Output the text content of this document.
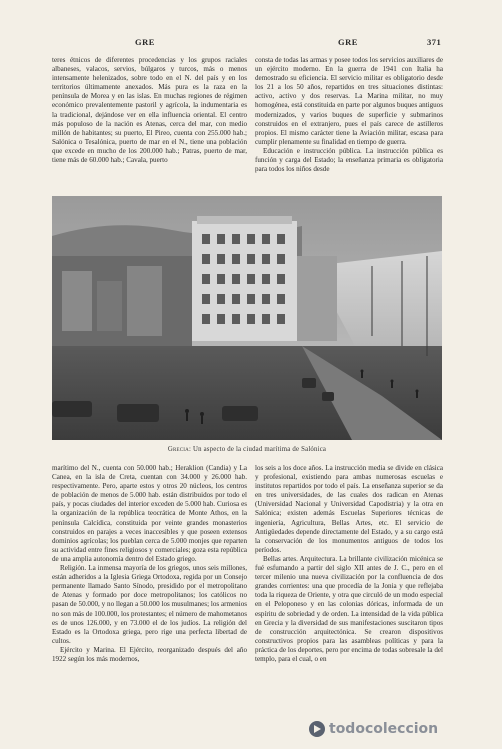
GRE	GRE	371

teres étnicos de diferentes procedencias y los grupos raciales albaneses, valacos, servios, búlgaros y turcos, más o menos intensamente helenizados, sobre todo en el N. del país y en los territorios últimamente anexados. Más pura es la raza en la península de Morea y en las islas. En muchas regiones de régimen económico prevalentemente pastoril y agrícola, la indumentaria es la tradicional, dejándose ver en ella influencia oriental. El centro más populoso de la nación es Atenas, cerca del mar, con medio millón de habitantes; su puerto, El Pireo, cuenta con 255.000 hab.; Salónica o Tesalónica, puerto de mar en el N., tiene una población que excede en mucho de los 200.000 hab.; Patras, puerto de mar, tiene más de 60.000 hab.; Cavala, puerto

consta de todas las armas y posee todos los servicios auxiliares de un ejército moderno. En la guerra de 1941 con Italia ha demostrado su eficiencia. El servicio militar es obligatorio desde los 21 a los 50 años, repartidos en tres situaciones distintas: activo, activo y dos reservas. La Marina militar, no muy homogénea, está constituida en parte por algunos buques antiguos modernizados, y varios buques de superficie y submarinos construidos en el extranjero, pues el país carece de astilleros propios. El mismo carácter tiene la Aviación militar, escasa para cumplir plenamente su finalidad en tiempo de guerra.

Educación e instrucción pública. La instrucción pública es función y carga del Estado; la enseñanza primaria es obligatoria para todos los niños desde

Grecia: Un aspecto de la ciudad marítima de Salónica

marítimo del N., cuenta con 50.000 hab.; Heraklion (Candia) y La Canea, en la isla de Creta, cuentan con 34.000 y 26.000 hab. respectivamente. Pero, aparte estos y otros 20 núcleos, los centros de población de menos de 5.000 hab. están distribuidos por todo el país, y pocas ciudades del interior exceden de 5.000 hab. Curiosa es la organización de la república teocrática de Monte Athos, en la península Calcídica, constituida por veinte grandes monasterios construidos en parajes a veces inaccesibles y que poseen extensos dominios agrícolas; los pueblan cerca de 5.000 monjes que reparten su actividad entre fines religiosos y comerciales; goza esta república de una amplia autonomía dentro del Estado griego.

Religión. La inmensa mayoría de los griegos, unos seis millones, están adheridos a la Iglesia Griega Ortodoxa, regida por un Consejo permanente llamado Santo Sínodo, presidido por el metropolitano de Atenas y formado por doce metropolitanos; los católicos no pasan de 50.000, y no llegan a 50.000 los musulmanes; los armenios no son más de 100.000, los protestantes; el número de mahometanos es de unos 126.000, y en 73.000 el de los judíos. La religión del Estado es la Ortodoxa griega, pero rige una perfecta libertad de cultos.

Ejército y Marina. El Ejército, reorganizado después del año 1922 según los más modernos,

los seis a los doce años. La instrucción media se divide en clásica y profesional, existiendo para ambas numerosas escuelas e institutos repartidos por todo el país. La enseñanza superior se da en tres universidades, de las cuales dos radican en Atenas (Universidad Nacional y Universidad Capodistria) y la otra en Salónica; existen además Escuelas Superiores técnicas de ingeniería, Agricultura, Bellas Artes, etc. El servicio de Antigüedades depende directamente del Estado, y a su cargo está la conservación de los monumentos antiguos de todos los períodos.

Bellas artes. Arquitectura. La brillante civilización micénica se fué esfumando a partir del siglo XII antes de J. C., pero en el tercer milenio una nueva civilización por la confluencia de dos grandes corrientes: una que procedía de la Jonia y que reflejaba toda la riqueza de Oriente, y otra que circuló de un modo especial en el Peloponeso y en las colonias dóricas, informada de un espíritu de sobriedad y de orden. La intensidad de la vida pública en Grecia y la diversidad de sus manifestaciones suscitaron tipos de construcción arquitectónica. Se crearon dispositivos constructivos propios para las asambleas políticas y para la práctica de los deportes, pero por encima de todas sobresale la del templo, para el cual, o en

todocoleccion
